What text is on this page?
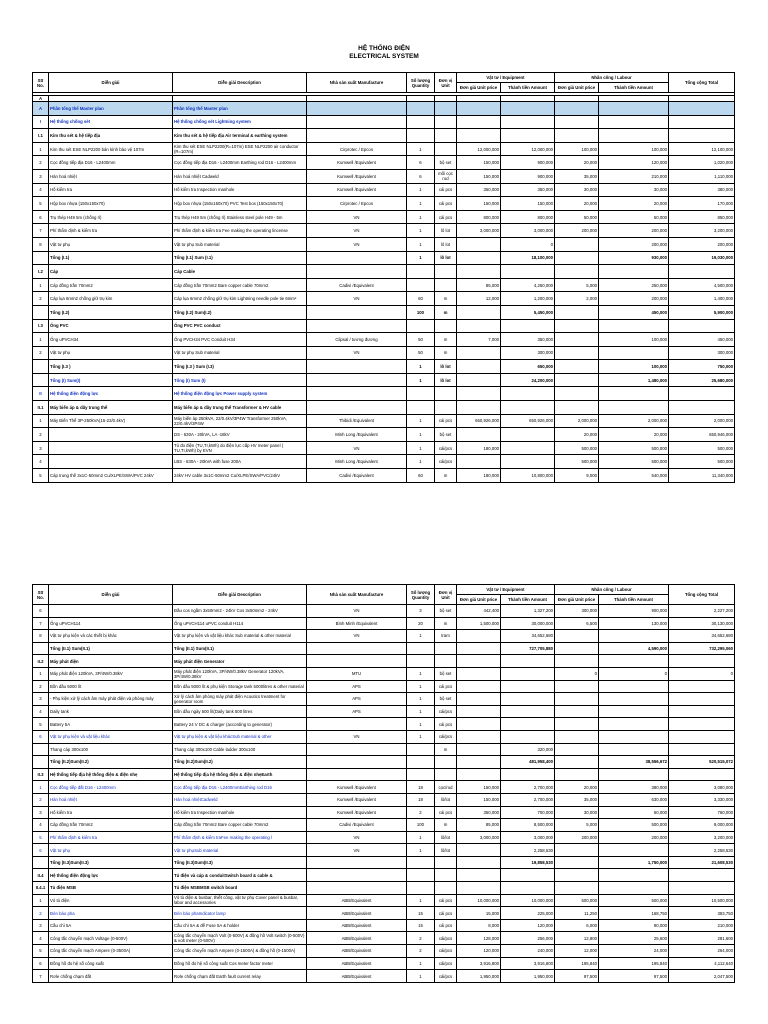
HỆ THỐNG ĐIỆN
ELECTRICAL SYSTEM
Stt No.	Diễn giải	Diễn giải Description	Nhà sản xuất Manufacture	Số lượng Quantity	Đơn vị Unit	Vật tư / Equipment		Nhân công / Labour		Tổng cộng Total
						Đơn giá Unit price	Thành tiền Amount	Đơn giá Unit price	Thành tiền Amount	

A										
A	Phần tổng thể Master plan	Phần tổng thể Master plan								
I	Hệ thống chống sét	Hệ thống chống sét Lightning system								
I.1	Kim thu sét & hệ tiếp địa	Kim thu sét & hệ tiếp địa Air terminal & earthing system								
1	Kim thu sét ESE NLP2200 bán kính bảo vệ 107m	Kim thu sét ESE NLP2200(R=107m) ESE NLP2200 air conductor (R=107m)	Cirprotec / Epcos	1		12,000,000	12,000,000	100,000	100,000	12,100,000
2	Cọc đồng tiếp địa D16 - L2400mm	Cọc đồng tiếp địa D16 - L2400mm Earthing rod D16 - L2400mm	Kumwell /Equivalent	6	bộ set	150,000	900,000	20,000	120,000	1,020,000
3	Hàn hoá nhiệt	Hàn hoá nhiệt Cadweld	Kumwell /Equivalent	6	mối cọc rod	150,000	900,000	35,000	210,000	1,110,000
4	Hố kiểm tra	Hố kiểm tra Inspection manhole	Kumwell /Equivalent	1	cái pcs	350,000	350,000	30,000	30,000	380,000
5	Hộp box nhựa (150x150x70)	Hộp box nhựa (150x150x70) PVC Test box (150x150x70)	Cirprotec / Epcos	1	cái pcs	150,000	150,000	20,000	20,000	170,000
6	Trụ thép H49 5m (chống rỉ)	Trụ thép H49 5m (chống rỉ) Stainless steel pole H49 - 5m	VN	1	cái pcs	800,000	800,000	50,000	50,000	850,000
7	Phí thẩm định & kiểm tra	Phí thẩm định & kiểm tra Fee making the operating lincense	VN	1	lô lot	3,000,000	3,000,000	200,000	200,000	3,200,000
8	Vật tư phụ	Vật tư phụ Sub material	VN	1	lô lot		0		200,000	200,000
	Tổng (I.1)	Tổng (I.1) Sum (I.1)		1	lô lot		18,100,000		930,000	19,030,000
I.2	Cáp	Cáp Cable								
1	Cáp đồng trần 70mm2	Cáp đồng trần 70mm2 Bare copper cable 70mm2	Cadivi /Equivalent			85,000	4,250,000	5,000	250,000	4,500,000
2	Cáp lụa 6mm2 chống giữ trụ kim	Cáp lụa 6mm2 chống giữ trụ kim Lightning needle pole tie 6mm²	VN	60	m	12,000	1,200,000	2,000	200,000	1,400,000
	Tổng (I.2)	Tổng (I.2) Sum(I.2)		100	m		5,450,000		450,000	5,900,000
I.3	Ống PVC	Ống PVC PVC conduct								
1	Ống uPVCH34	Ống PVCH34 PVC Conduit H34	Clipsal / tương đương	50	m	7,000	350,000		100,000	450,000
2	Vật tư phụ	Vật tư phụ Sub material	VN	50	m		300,000			300,000
	Tổng (I.3 )	Tổng (I.3 ) Sum (I.3)		1	lô lot		650,000		100,000	750,000
	Tổng (I) Sum(I)	Tổng (I) Sum (I)		1	lô lot		24,200,000		1,480,000	25,680,000
II	Hệ thống điện động lực	Hệ thống điện động lực Power supply system								
II.1	Máy biến áp & dây trung thế	Máy biến áp & dây trung thế Transformer & HV cable								
1	Máy Biến Thế 3P-250kVA(15-22/0.4kV)	Máy biến áp 250kVA, 22/0.4kV/3P4W Transformer 250kVA, 22/0.4kV/3P4W	Thibidi /Equivalent	1	cái pcs	650,926,000	650,926,000	2,000,000	2,000,000	2,000,000
2		DS - 630A - 20kVA, LA -18kV	Minh Long /Equivalent	1	bộ set			20,000	20,000	650,946,000
3		Tủ đo điện (TU,TI,kWh) do điện lực cấp HV meter panel ( TU,TI,kWh) by EVN	VN	1	cái/pcs	180,000		500,000	500,000	500,000
4		LBS - 630A - 20kVA with fuse 200A	Minh Long /Equivalent	1	cái/pcs			500,000	500,000	500,000
5	Cáp trung thế 3x1C-50mm2 Cu/XLPE/SWA/PVC 24kV	24kV HV cable 3x1C-50mm2 Cu/XLPE/SWA/PVC/24kV	Cadivi /Equivalent	60	m	180,000	10,800,000	9,000	540,000	11,340,000
Stt No.	Diễn giải	Diễn giải Description	Nhà sản xuất Manufacture	Số lượng Quantity	Đơn vị Unit	Vật tư / Equipment		Nhân công / Labour		Tổng cộng Total
						Đơn giá Unit price	Thành tiền Amount	Đơn giá Unit price	Thành tiền Amount	
6		Đầu cos ngầm 3x50mm2 - 24kV Cos 3x50mm2 - 24kV	VN	3	bộ set	442,400	1,327,200	300,000	900,000	2,227,200
7	Ống uPVCH114	Ống uPVCH114 uPVC conduit H114	Bình Minh /Equivalent	20	m	1,500,000	30,000,000	6,500	130,000	30,130,000
8	Vật tư phụ kiện và các thiết bị khác	Vật tư phụ kiện và vật liệu khác Sub material & other material	VN	1	tram		34,652,680			34,652,680
	Tổng (II.1) Sum(II.1)	Tổng (II.1) Sum(II.1)					727,705,880		4,590,000	732,295,060
II.2	Máy phát điện	Máy phát điện Generator								
1	Máy phát điện 120kVA, 3P/4W/0.38kV	Máy phát điện 120kVA, 3P/4W/0.38kV Generator 120kVA, 3P/4W/0.38kV	MTU	1	bộ set			0	0	0
2	Bồn dầu 5000 lít	Bồn dầu 5000 lít & phụ kiện Storage tank 5000litres & other material	APS	1	cái pcs					
3	- Phụ kiện xử lý cách âm máy phát điện và phòng máy	Xử lý cách âm phòng máy phát điện Acoutics treatment for generator room	APS	1	bộ set					
4	Daily tank	Bồn dầu ngày 500 lít(Daily tank 500 litres	APS	1	cái/pcs					
5	Battery 5A	Battery 24 V DC & charger (according to generator)		1	cái pcs					
6	Vật tư phụ kiện và vật liệu khác	Vật tư phụ kiện & vật liệu khácSub material & other	VN	1	cái/pcs					
	Thang cáp 300x100	Thang cáp 300x100 Cable ladder 300x100			m		320,000			
	Tổng (II.2)Sum(II.2)	Tổng (II.2)Sum(II.2)					481,958,400		38,556,672	520,515,072
II.3	Hệ thống tiếp địa hệ thống điện & điện nhẹ	Hệ thống tiếp địa hệ thống điện & điện nhẹEarth								
1	Cọc đồng tiếp đất D16 - L2400mm	Cọc đồng tiếp địa D16 - L2400mmEarthing rod D16	Kumwell /Equivalent	18	cọc/rod	150,000	2,700,000	20,000	380,000	3,080,000
2	Hàn hoá nhiệt	Hàn hoá nhiệtCadweld	Kumwell /Equivalent	18	lô/lot	150,000	2,700,000	35,000	630,000	3,330,000
3	Hố kiểm tra	Hố kiểm tra Inspection manhole	Kumwell /Equivalent	2	cái pcs	350,000	700,000	30,000	60,000	760,000
4	Cáp đồng trần 70mm2	Cáp đồng trần 70mm2 Bare copper cable 70mm2	Cadivi /Equivalent	100	m	85,000	8,500,000	5,000	500,000	9,000,000
5	Phí thẩm định & kiểm tra	Phí thẩm định & kiểm traFee making the operating l	VN	1	lô/lot	3,000,000	3,000,000	200,000	200,000	3,200,000
6	Vật tư phụ	Vật tư phụSub material	VN	1	lô/lot		2,258,530			2,258,530
	Tổng (II.3)Sum(II.3)	Tổng (II.3)Sum(II.3)					19,858,530		1,750,000	21,608,530
II.4	Hệ thống điện động lực	Tủ điện và cáp & conduitSwitch board & cable &								
II.4.1	Tủ điện MSB	Tủ điện MSBMSB switch board								
1	Vỏ tủ điện	Vỏ tủ điện & busbar, thiết công, vật tư phụ Cover panel & busbar, labor and accessories	ABB/Equivalent	1	cái pcs	10,000,000	10,000,000	500,000	500,000	10,500,000
2	Đèn báo pha	Đèn báo phaIndicator lamp	ABB/Equivalent	15	cái pcs	15,000	225,000	11,250	168,750	393,750
3	Cầu chì 5A	Cầu chì 5A & đế Fuse 5A & holder	ABB/Equivalent	15	cái pcs	8,000	120,000	6,000	90,000	210,000
4	Công tắc chuyển mạch Voltage (0-500V)	Công tắc chuyển mạch Volt (0-500V) & đồng hồ Volt switch (0-500V) & volt meter (0-500V)	ABB/Equivalent	2	cái/pcs	128,000	256,000	12,800	25,600	281,600
5	Công tắc chuyển mạch Ampere (0-3500A)	Công tắc chuyển mạch Ampere (0-1500A) & đồng hồ (0-1500A)	ABB/Equivalent	2	cái/pcs	120,000	240,000	12,000	24,000	264,000
6	Đồng hồ đo hệ số công suất	Đồng hồ đo hệ số công suất Cos meter factor meter	ABB/Equivalent	1	cái/pcs	3,916,800	3,916,800	195,840	195,840	4,112,640
7	Rơle chống chạm đất	Rơle chống chạm đất Earth fault current relay	ABB/Equivalent	1	cái/pcs	1,950,000	1,950,000	97,500	97,500	2,047,500
